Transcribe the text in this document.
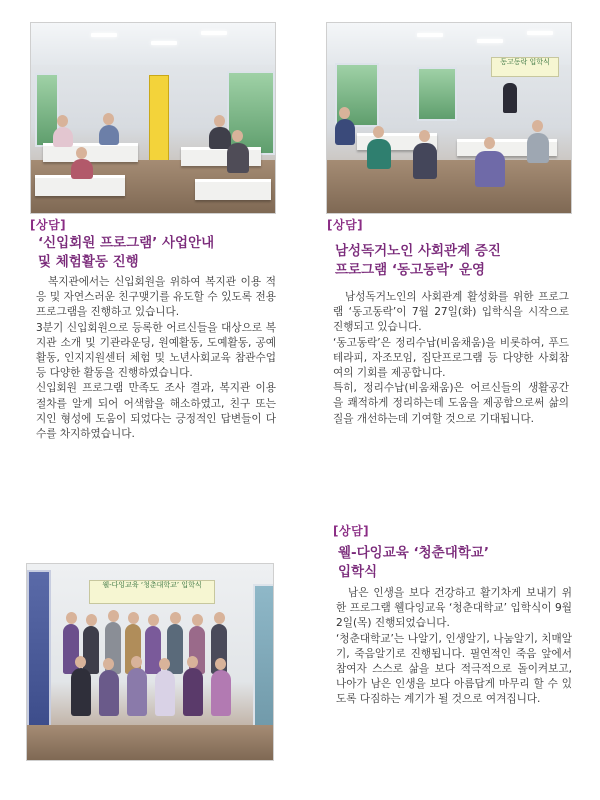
동고동락 입학식
웰-다잉교육 ‘청춘대학교’ 입학식
[상담]
‘신입회원 프로그램’ 사업안내
및 체험활동 진행

복지관에서는 신입회원을 위하여 복지관 이용 적응 및 자연스러운 친구맺기를 유도할 수 있도록 전용 프로그램을 진행하고 있습니다.

3분기 신입회원으로 등록한 어르신들을 대상으로 복지관 소개 및 기관라운딩, 원예활동, 도예활동, 공예활동, 인지지원센터 체험 및 노년사회교육 참관수업 등 다양한 활동을 진행하였습니다.

신입회원 프로그램 만족도 조사 결과, 복지관 이용 절차를 알게 되어 어색함을 해소하였고, 친구 또는 지인 형성에 도움이 되었다는 긍정적인 답변들이 다수를 차지하였습니다.

[상담]
남성독거노인 사회관계 증진
프로그램 ‘동고동락’ 운영

남성독거노인의 사회관계 활성화를 위한 프로그램 ‘동고동락’이 7월 27일(화) 입학식을 시작으로 진행되고 있습니다.

‘동고동락’은 정리수납(비움채움)을 비롯하여, 푸드테라피, 자조모임, 집단프로그램 등 다양한 사회참여의 기회를 제공합니다.

특히, 정리수납(비움채움)은 어르신들의 생활공간을 쾌적하게 정리하는데 도움을 제공함으로써 삶의 질을 개선하는데 기여할 것으로 기대됩니다.

[상담]
웰-다잉교육 ‘청춘대학교’
입학식

남은 인생을 보다 건강하고 활기차게 보내기 위한 프로그램 웰다잉교육 ‘청춘대학교’ 입학식이 9월 2일(목) 진행되었습니다.

‘청춘대학교’는 나알기, 인생알기, 나눔알기, 치매알기, 죽음알기로 진행됩니다. 필연적인 죽음 앞에서 참여자 스스로 삶을 보다 적극적으로 돌이켜보고, 나아가 남은 인생을 보다 아름답게 마무리 할 수 있도록 다짐하는 계기가 될 것으로 여겨집니다.
